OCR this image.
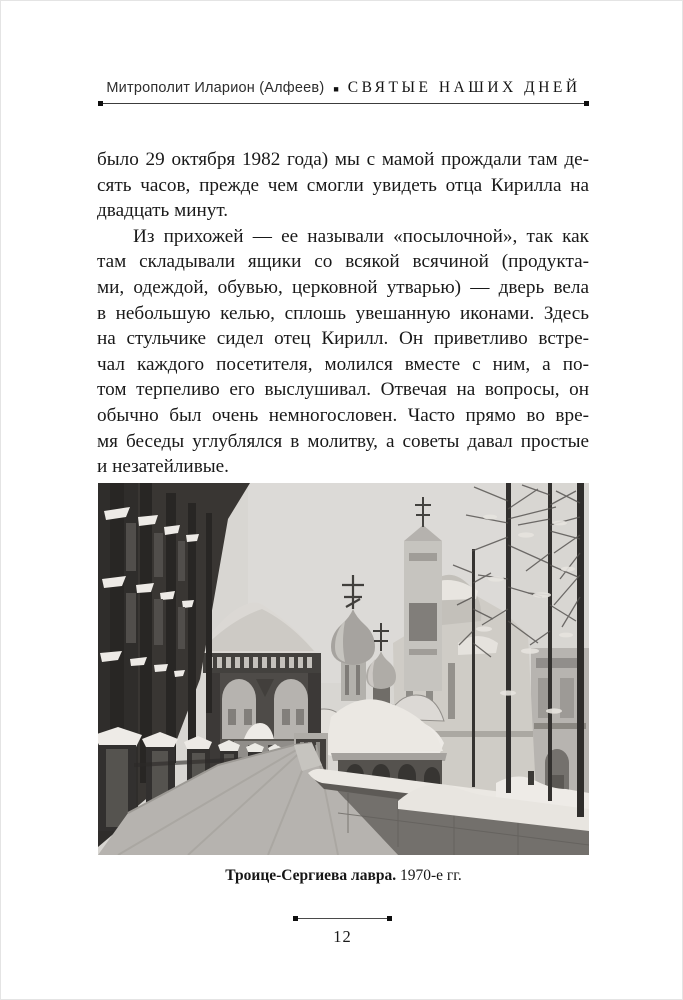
Митрополит Иларион (Алфеев) ■ СВЯТЫЕ НАШИХ ДНЕЙ
было 29 октября 1982 года) мы с мамой прождали там де-
сять часов, прежде чем смогли увидеть отца Кирилла на
двадцать минут.
Из прихожей — ее называли «посылочной», так как
там складывали ящики со всякой всячиной (продукта-
ми, одеждой, обувью, церковной утварью) — дверь вела
в небольшую келью, сплошь увешанную иконами. Здесь
на стульчике сидел отец Кирилл. Он приветливо встре-
чал каждого посетителя, молился вместе с ним, а по-
том терпеливо его выслушивал. Отвечая на вопросы, он
обычно был очень немногословен. Часто прямо во вре-
мя беседы углублялся в молитву, а советы давал простые
и незатейливые.
Троице-Сергиева лавра. 1970-е гг.
12
